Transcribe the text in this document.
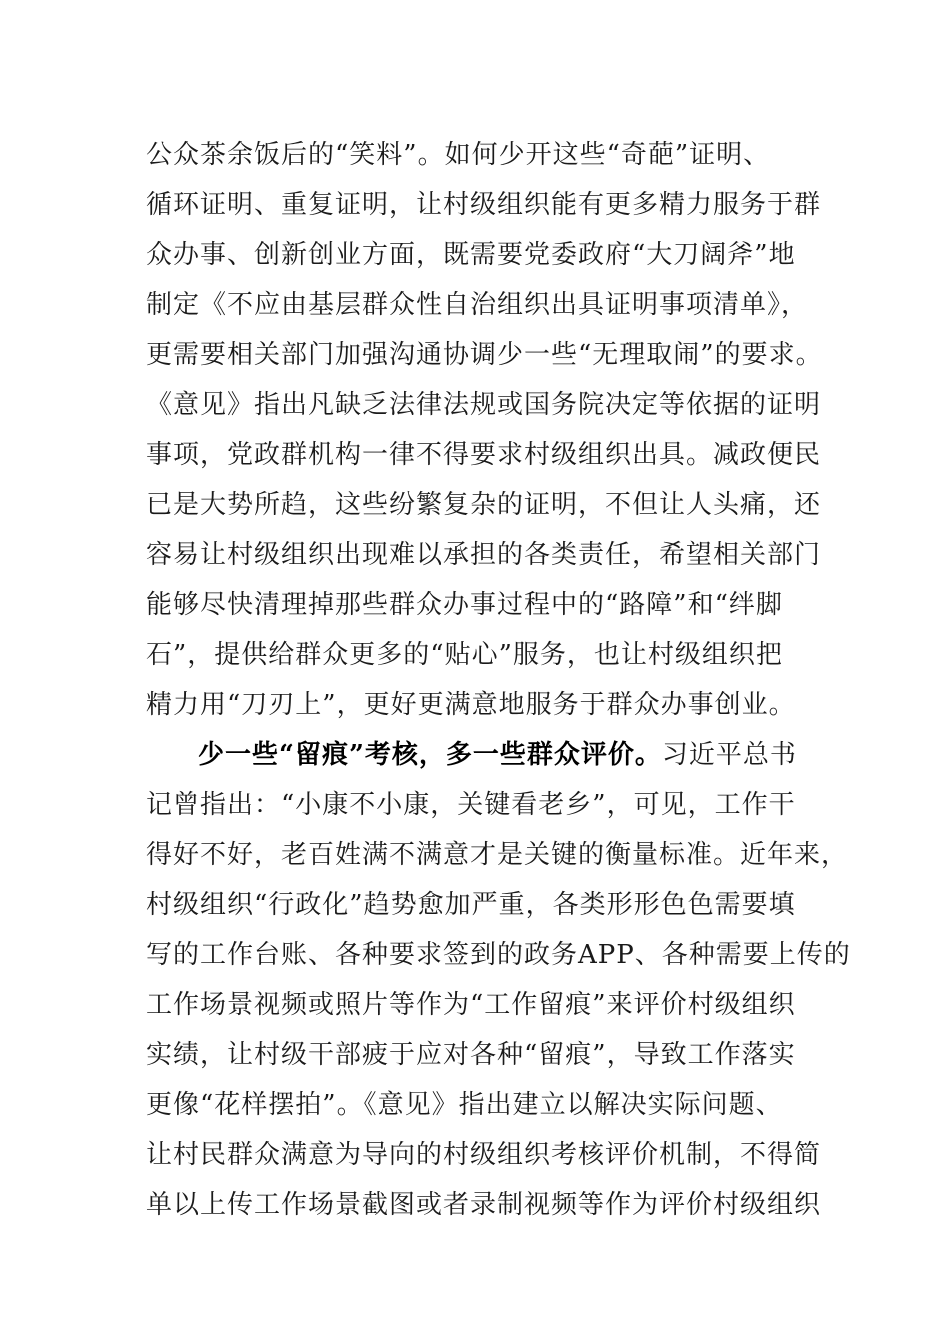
公众茶余饭后的“笑料”。如何少开这些“奇葩”证明、
循环证明、重复证明，让村级组织能有更多精力服务于群
众办事、创新创业方面，既需要党委政府“大刀阔斧”地
制定《不应由基层群众性自治组织出具证明事项清单》，
更需要相关部门加强沟通协调少一些“无理取闹”的要求。
《意见》指出凡缺乏法律法规或国务院决定等依据的证明
事项，党政群机构一律不得要求村级组织出具。减政便民
已是大势所趋，这些纷繁复杂的证明，不但让人头痛，还
容易让村级组织出现难以承担的各类责任，希望相关部门
能够尽快清理掉那些群众办事过程中的“路障”和“绊脚
石”，提供给群众更多的“贴心”服务，也让村级组织把
精力用“刀刃上”，更好更满意地服务于群众办事创业。
少一些“留痕”考核，多一些群众评价。习近平总书
记曾指出：“小康不小康，关键看老乡”，可见，工作干
得好不好，老百姓满不满意才是关键的衡量标准。近年来，
村级组织“行政化”趋势愈加严重，各类形形色色需要填
写的工作台账、各种要求签到的政务APP、各种需要上传的
工作场景视频或照片等作为“工作留痕”来评价村级组织
实绩，让村级干部疲于应对各种“留痕”，导致工作落实
更像“花样摆拍”。《意见》指出建立以解决实际问题、
让村民群众满意为导向的村级组织考核评价机制，不得简
单以上传工作场景截图或者录制视频等作为评价村级组织
